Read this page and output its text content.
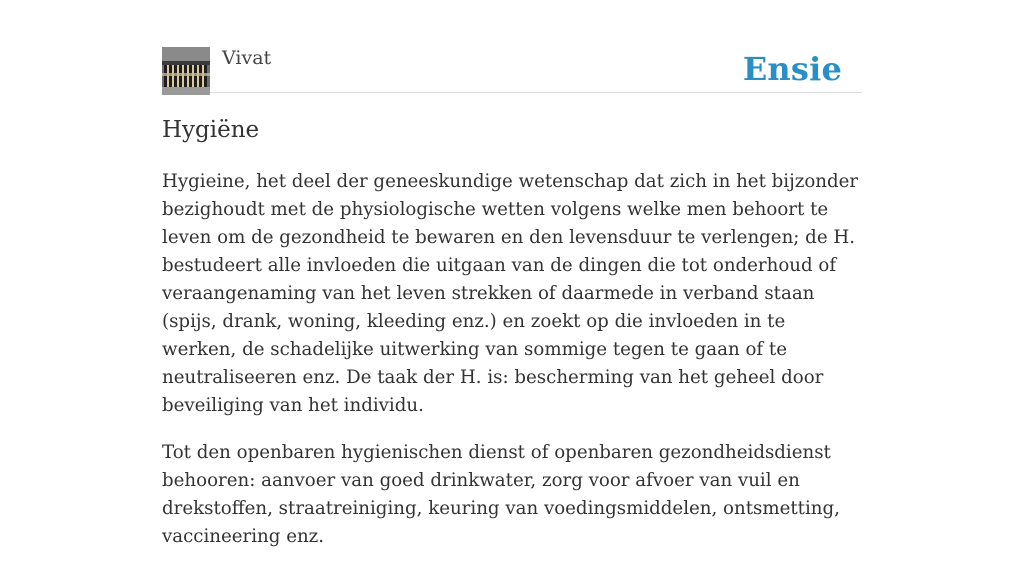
Vivat	Ensie
Hygiëne

Hygieine, het deel der geneeskundige wetenschap dat zich in het bijzonder bezighoudt met de physiologische wetten volgens welke men behoort te leven om de gezondheid te bewaren en den levensduur te verlengen; de H. bestudeert alle invloeden die uitgaan van de dingen die tot onderhoud of veraangenaming van het leven strekken of daarmede in verband staan (spijs, drank, woning, kleeding enz.) en zoekt op die invloeden in te werken, de schadelijke uitwerking van sommige tegen te gaan of te neutraliseeren enz. De taak der H. is: bescherming van het geheel door beveiliging van het individu.

Tot den openbaren hygienischen dienst of openbaren gezondheidsdienst behooren: aanvoer van goed drinkwater, zorg voor afvoer van vuil en drekstoffen, straatreiniging, keuring van voedingsmiddelen, ontsmetting, vaccineering enz.
